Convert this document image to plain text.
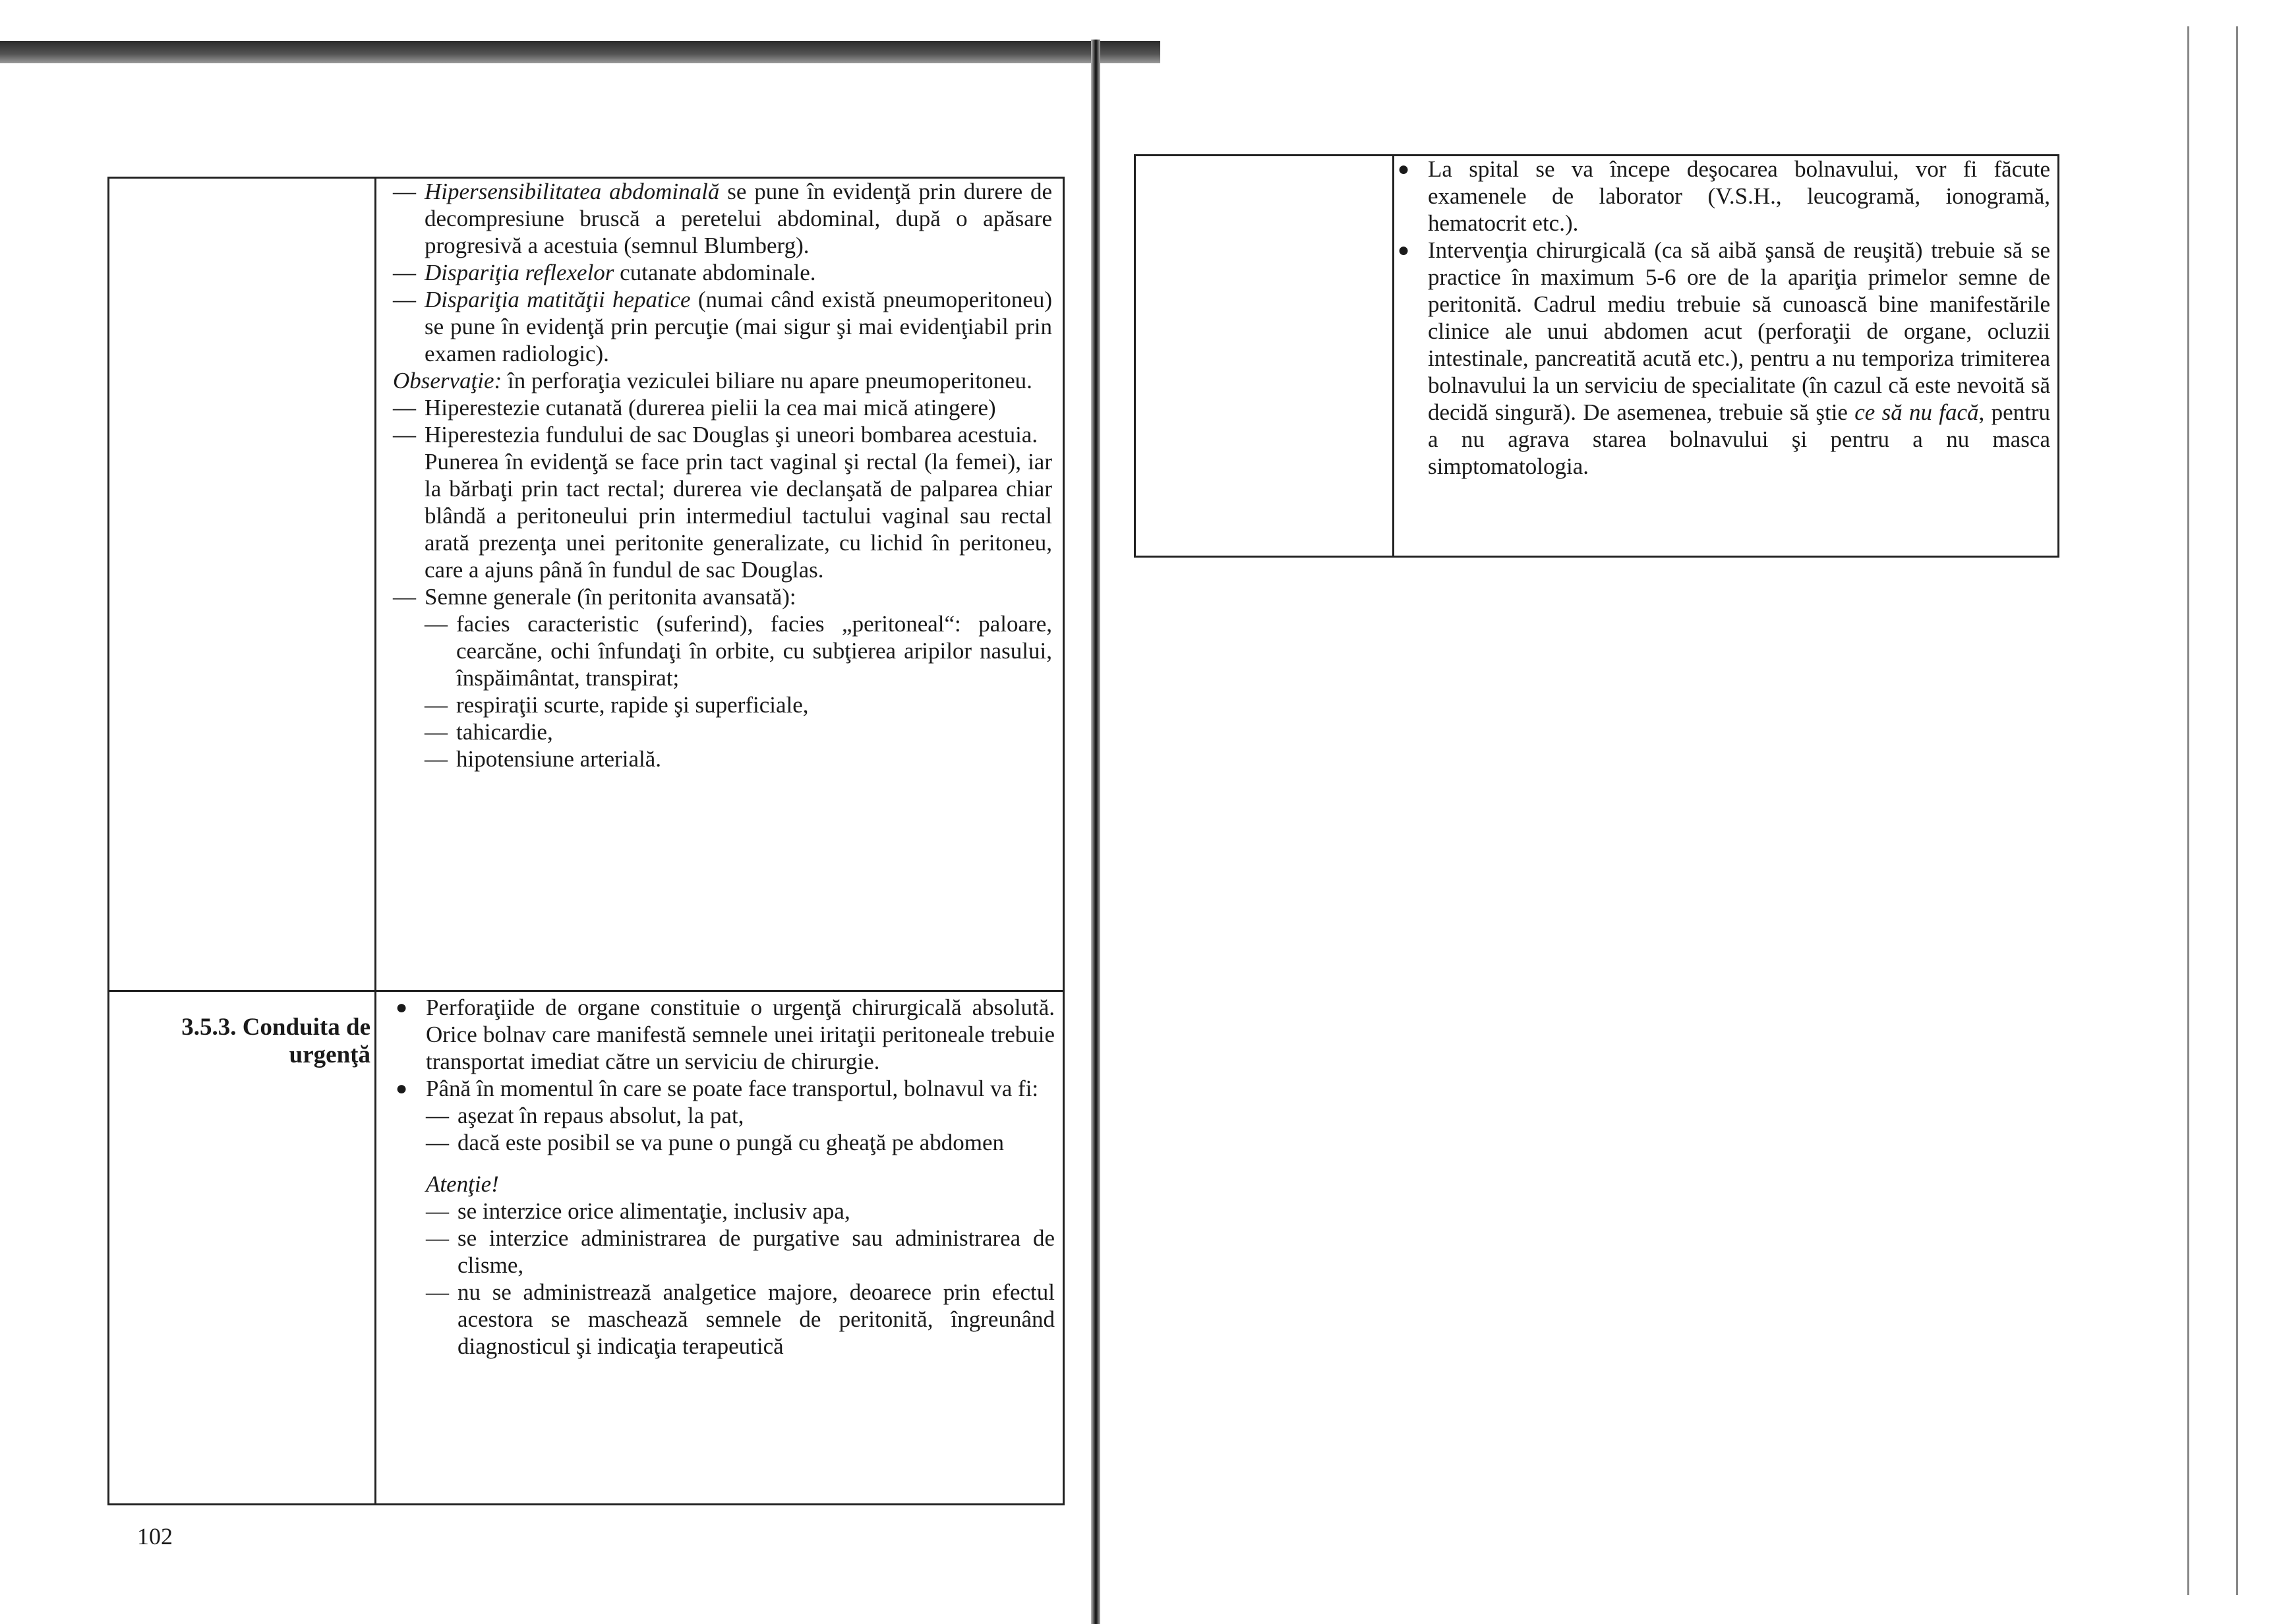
— Hipersensibilitatea abdominală se pune în evidenţă prin durere de decompresiune bruscă a peretelui abdominal, după o apăsare progresivă a acestuia (semnul Blumberg).
— Dispariţia reflexelor cutanate abdominale.
— Dispariţia matităţii hepatice (numai când există pneumoperitoneu) se pune în evidenţă prin percuţie (mai sigur şi mai evidenţiabil prin examen radiologic).
Observaţie: în perforaţia veziculei biliare nu apare pneumoperitoneu.
— Hiperestezie cutanată (durerea pielii la cea mai mică atingere)
— Hiperestezia fundului de sac Douglas şi uneori bombarea acestuia.
Punerea în evidenţă se face prin tact vaginal şi rectal (la femei), iar la bărbaţi prin tact rectal; durerea vie declanşată de palparea chiar blândă a peritoneului prin intermediul tactului vaginal sau rectal arată prezenţa unei peritonite generalizate, cu lichid în peritoneu, care a ajuns până în fundul de sac Douglas.
— Semne generale (în peritonita avansată):
— facies caracteristic (suferind), facies „peritoneal“: paloare, cearcăne, ochi înfundaţi în orbite, cu subţierea aripilor nasului, înspăimântat, transpirat;
— respiraţii scurte, rapide şi superficiale,
— tahicardie,
— hipotensiune arterială.
3.5.3. Conduita de urgenţă
● Perforaţiide de organe constituie o urgenţă chirurgicală absolută. Orice bolnav care manifestă semnele unei iritaţii peritoneale trebuie transportat imediat către un serviciu de chirurgie.
● Până în momentul în care se poate face transportul, bolnavul va fi:
— aşezat în repaus absolut, la pat,
— dacă este posibil se va pune o pungă cu gheaţă pe abdomen
Atenţie!
— se interzice orice alimentaţie, inclusiv apa,
— se interzice administrarea de purgative sau administrarea de clisme,
— nu se administrează analgetice majore, deoarece prin efectul acestora se maschează semnele de peritonită, îngreunând diagnosticul şi indicaţia terapeutică
102
● La spital se va începe deşocarea bolnavului, vor fi făcute examenele de laborator (V.S.H., leucogramă, ionogramă, hematocrit etc.).
● Intervenţia chirurgicală (ca să aibă şansă de reuşită) trebuie să se practice în maximum 5-6 ore de la apariţia primelor semne de peritonită. Cadrul mediu trebuie să cunoască bine manifestările clinice ale unui abdomen acut (perforaţii de organe, ocluzii intestinale, pancreatită acută etc.), pentru a nu temporiza trimiterea bolnavului la un serviciu de specialitate (în cazul că este nevoită să decidă singură). De asemenea, trebuie să ştie ce să nu facă, pentru a nu agrava starea bolnavului şi pentru a nu masca simptomatologia.
